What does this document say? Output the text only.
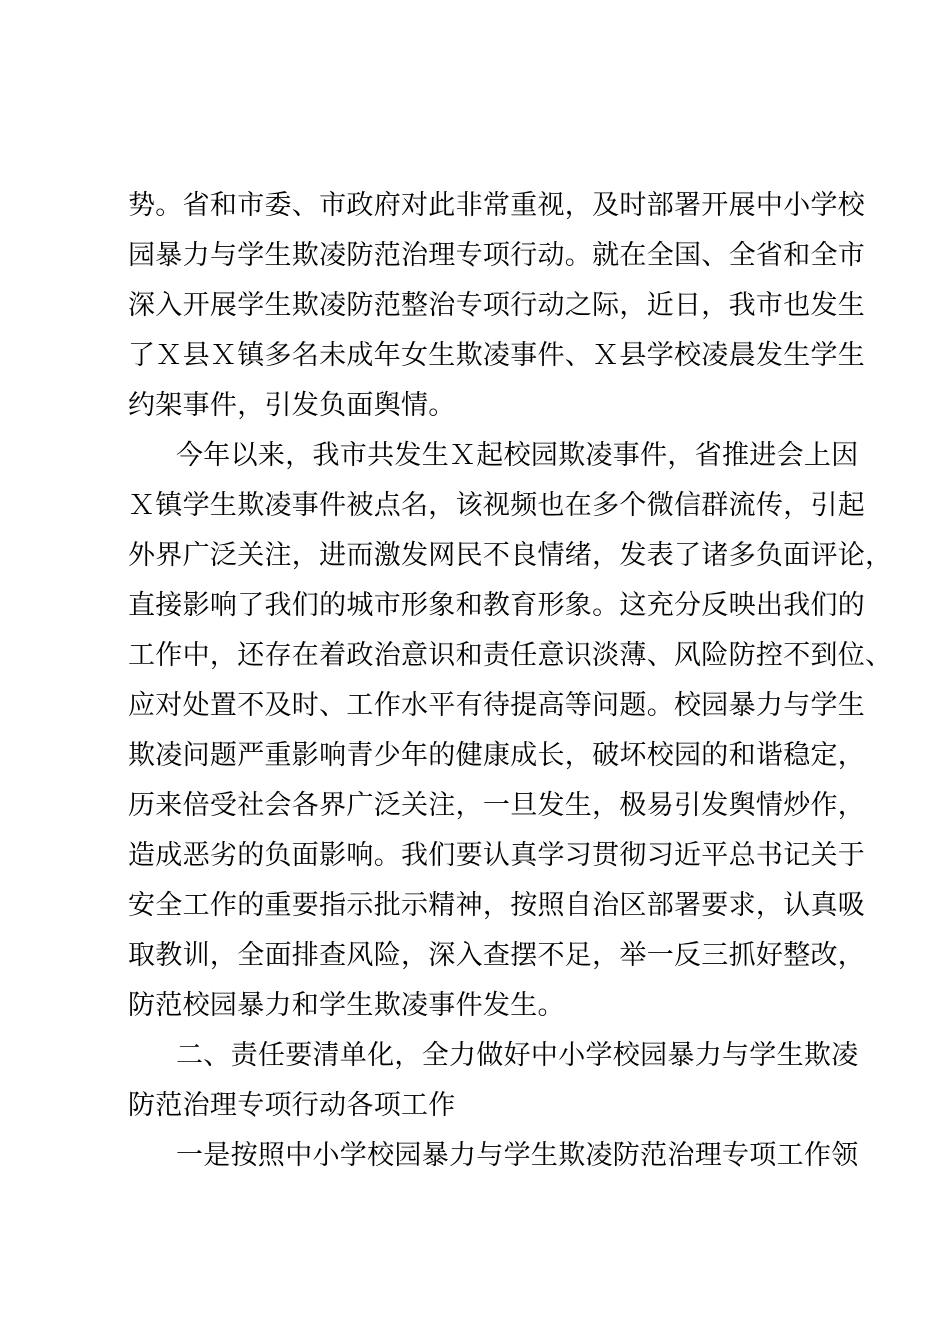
势。省和市委、市政府对此非常重视，及时部署开展中小学校
园暴力与学生欺凌防范治理专项行动。就在全国、全省和全市
深入开展学生欺凌防范整治专项行动之际，近日，我市也发生
了Ｘ县Ｘ镇多名未成年女生欺凌事件、Ｘ县学校凌晨发生学生
约架事件，引发负面舆情。
今年以来，我市共发生Ｘ起校园欺凌事件，省推进会上因
Ｘ镇学生欺凌事件被点名，该视频也在多个微信群流传，引起
外界广泛关注，进而激发网民不良情绪，发表了诸多负面评论，
直接影响了我们的城市形象和教育形象。这充分反映出我们的
工作中，还存在着政治意识和责任意识淡薄、风险防控不到位、
应对处置不及时、工作水平有待提高等问题。校园暴力与学生
欺凌问题严重影响青少年的健康成长，破坏校园的和谐稳定，
历来倍受社会各界广泛关注，一旦发生，极易引发舆情炒作，
造成恶劣的负面影响。我们要认真学习贯彻习近平总书记关于
安全工作的重要指示批示精神，按照自治区部署要求，认真吸
取教训，全面排查风险，深入查摆不足，举一反三抓好整改，
防范校园暴力和学生欺凌事件发生。
二、责任要清单化，全力做好中小学校园暴力与学生欺凌
防范治理专项行动各项工作
一是按照中小学校园暴力与学生欺凌防范治理专项工作领
